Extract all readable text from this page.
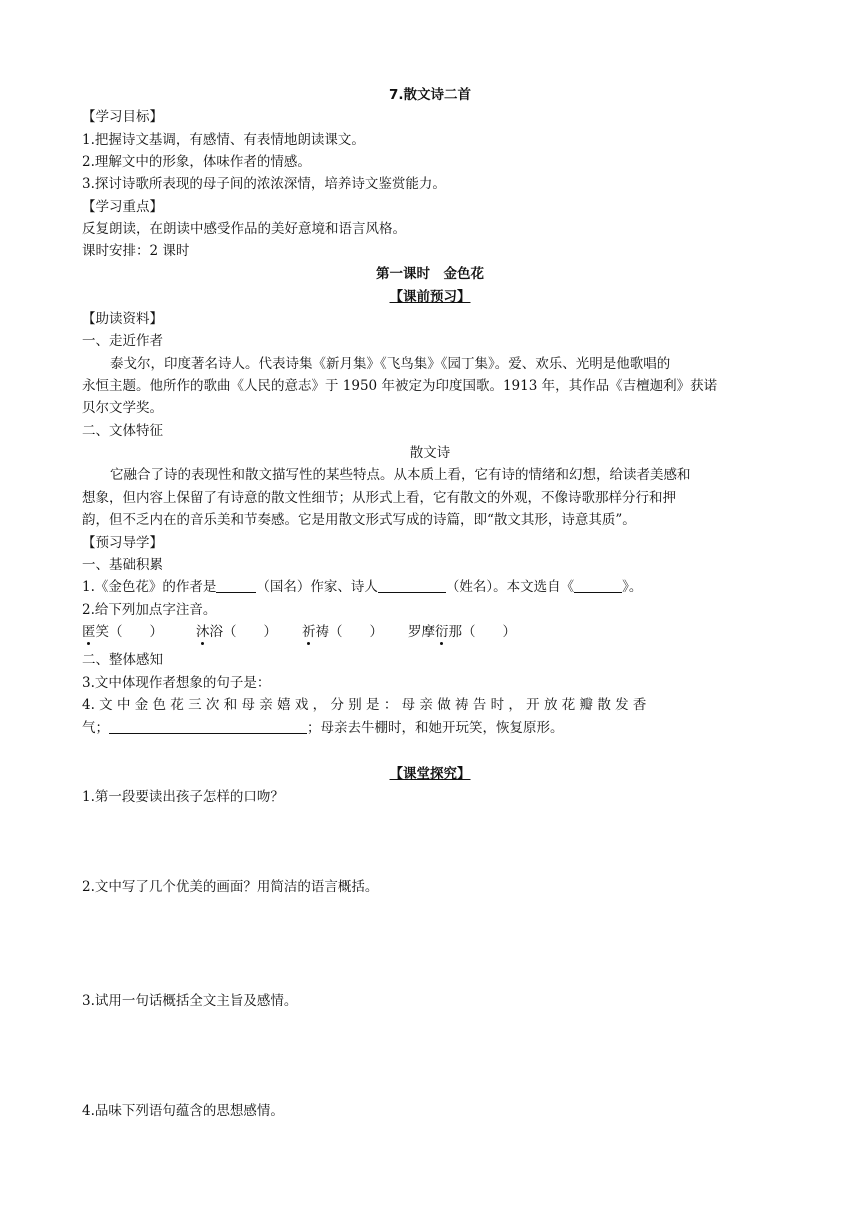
7.散文诗二首
【学习目标】
1.把握诗文基调，有感情、有表情地朗读课文。
2.理解文中的形象，体味作者的情感。
3.探讨诗歌所表现的母子间的浓浓深情，培养诗文鉴赏能力。
【学习重点】
反复朗读，在朗读中感受作品的美好意境和语言风格。
课时安排：2 课时
第一课时　金色花
【课前预习】
【助读资料】
一、走近作者
泰戈尔，印度著名诗人。代表诗集《新月集》《飞鸟集》《园丁集》。爱、欢乐、光明是他歌唱的
永恒主题。他所作的歌曲《人民的意志》于 1950 年被定为印度国歌。1913 年，其作品《吉檀迦利》获诺
贝尔文学奖。
二、文体特征
散文诗
它融合了诗的表现性和散文描写性的某些特点。从本质上看，它有诗的情绪和幻想，给读者美感和
想象，但内容上保留了有诗意的散文性细节；从形式上看，它有散文的外观，不像诗歌那样分行和押
韵，但不乏内在的音乐美和节奏感。它是用散文形式写成的诗篇，即“散文其形，诗意其质”。
【预习导学】
一、基础积累
1.《金色花》的作者是	（国名）作家、诗人	（姓名）。本文选自《	》。
2.给下列加点字注音。
匿笑（　　） 沐浴（　　） 祈祷（　　） 罗摩衍那（　　）
二、整体感知
3.文中体现作者想象的句子是：
4. 文 中 金 色 花 三 次 和 母 亲 嬉 戏 ， 分 别 是 ： 母 亲 做 祷 告 时 ， 开 放 花 瓣 散 发 香
气；	；母亲去牛棚时，和她开玩笑，恢复原形。
【课堂探究】
1.第一段要读出孩子怎样的口吻？
2.文中写了几个优美的画面？用简洁的语言概括。
3.试用一句话概括全文主旨及感情。
4.品味下列语句蕴含的思想感情。
